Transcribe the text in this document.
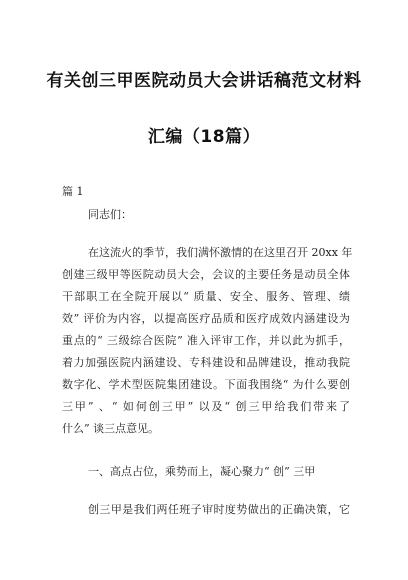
有关创三甲医院动员大会讲话稿范文材料
汇编（18篇）
篇 1
同志们：
在这流火的季节，我们满怀激情的在这里召开 20xx 年
创建三级甲等医院动员大会，会议的主要任务是动员全体
干部职工在全院开展以“ 质量、安全、服务、管理、绩
效” 评价为内容，以提高医疗品质和医疗成效内涵建设为
重点的“ 三级综合医院” 准入评审工作，并以此为抓手，
着力加强医院内涵建设、专科建设和品牌建设，推动我院
数字化、学术型医院集团建设。下面我围绕“ 为什么要创
三甲” 、“ 如何创三甲” 以及“ 创三甲给我们带来了
什么” 谈三点意见。
一、高点占位，乘势而上，凝心聚力“ 创” 三甲
创三甲是我们两任班子审时度势做出的正确决策，它
